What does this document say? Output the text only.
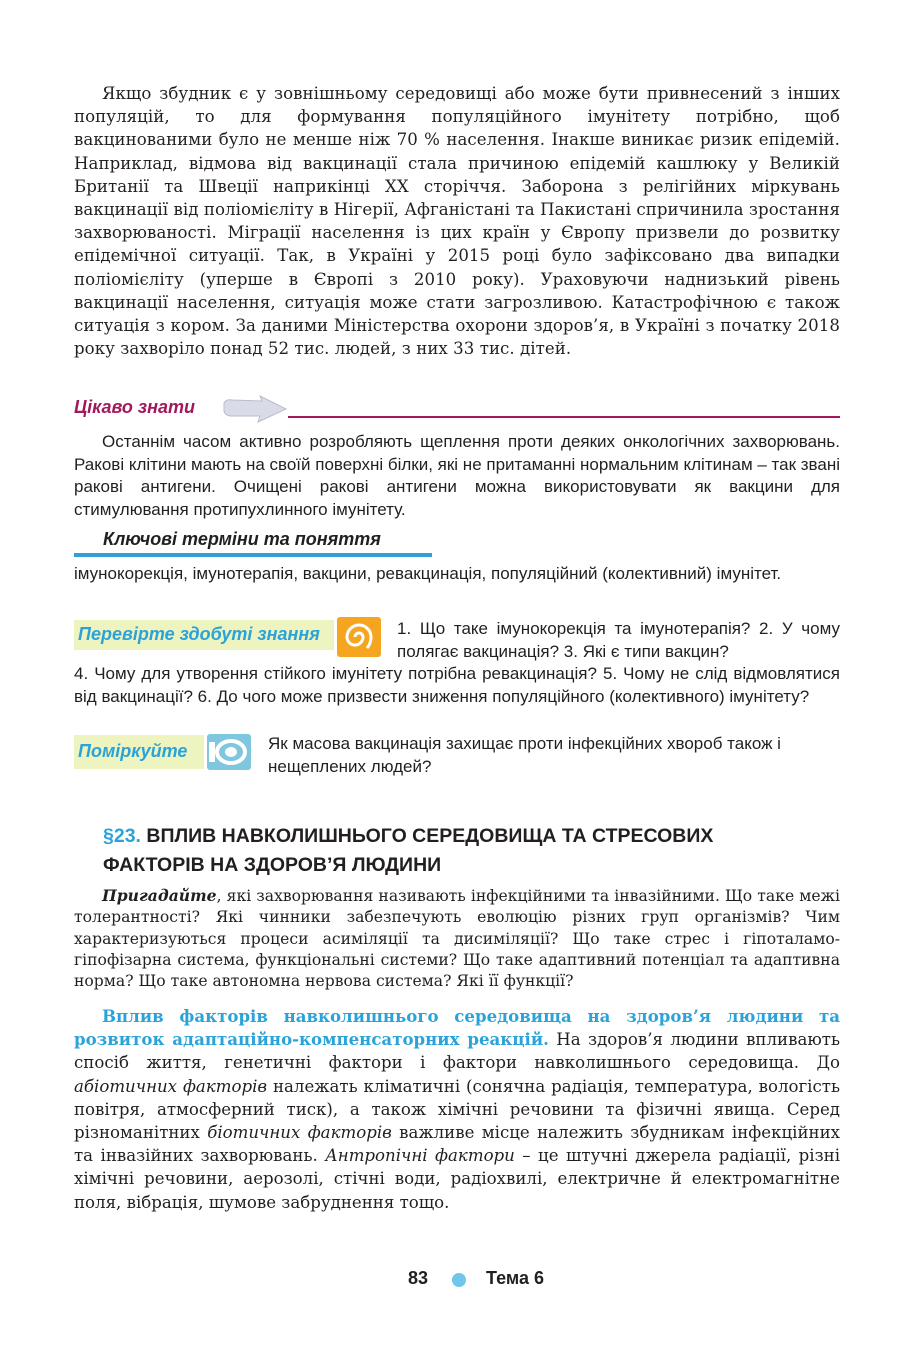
Якщо збудник є у зовнішньому середовищі або може бути привнесений з інших популяцій, то для формування популяційного імунітету потрібно, щоб вакцинованими було не менше ніж 70 % населення. Інакше виникає ризик епідемій. Наприклад, відмова від вакцинації стала причиною епідемій кашлюку у Великій Британії та Швеції наприкінці ХХ сторіччя. Заборона з релігійних міркувань вакцинації від поліомієліту в Нігерії, Афганістані та Пакистані спричинила зростання захворюваності. Міграції населення із цих країн у Європу призвели до розвитку епідемічної ситуації. Так, в Україні у 2015 році було зафіксовано два випадки поліомієліту (уперше в Європі з 2010 року). Ураховуючи наднизький рівень вакцинації населення, ситуація може стати загрозливою. Катастрофічною є також ситуація з кором. За даними Міністерства охорони здоров’я, в Україні з початку 2018 року захворіло понад 52 тис. людей, з них 33 тис. дітей.

Цікаво знати

Останнім часом активно розробляють щеплення проти деяких онкологічних захворювань. Ракові клітини мають на своїй поверхні білки, які не притаманні нормальним клітинам – так звані ракові антигени. Очищені ракові антигени можна використовувати як вакцини для стимулювання протипухлинного імунітету.

Ключові терміни та поняття

імунокорекція, імунотерапія, вакцини, ревакцинація, популяційний (колективний) імунітет.

Перевірте здобуті знання	1. Що таке імунокорекція та імунотерапія? 2. У чому полягає вакцинація? 3. Які є типи вакцин?

4. Чому для утворення стійкого імунітету потрібна ревакцинація? 5. Чому не слід відмовлятися від вакцинації? 6. До чого може призвести зниження популяційного (колективного) імунітету?

Поміркуйте	Як масова вакцинація захищає проти інфекційних хвороб також і нещеплених людей?

§23. ВПЛИВ НАВКОЛИШНЬОГО СЕРЕДОВИЩА ТА СТРЕСОВИХ
ФАКТОРІВ НА ЗДОРОВ’Я ЛЮДИНИ

Пригадайте, які захворювання називають інфекційними та інвазійними. Що таке межі толерантності? Які чинники забезпечують еволюцію різних груп організмів? Чим характеризуються процеси асиміляції та дисиміляції? Що таке стрес і гіпоталамо-гіпофізарна система, функціональні системи? Що таке адаптивний потенціал та адаптивна норма? Що таке автономна нервова система? Які її функції?

Вплив факторів навколишнього середовища на здоров’я людини та розвиток адаптаційно-компенсаторних реакцій. На здоров’я людини впливають спосіб життя, генетичні фактори і фактори навколишнього середовища. До абіотичних факторів належать кліматичні (сонячна радіація, температура, вологість повітря, атмосферний тиск), а також хімічні речовини та фізичні явища. Серед різноманітних біотичних факторів важливе місце належить збудникам інфекційних та інвазійних захворювань. Антропічні фактори – це штучні джерела радіації, різні хімічні речовини, аерозолі, стічні води, радіохвилі, електричне й електромагнітне поля, вібрація, шумове забруднення тощо.

83	Тема 6
